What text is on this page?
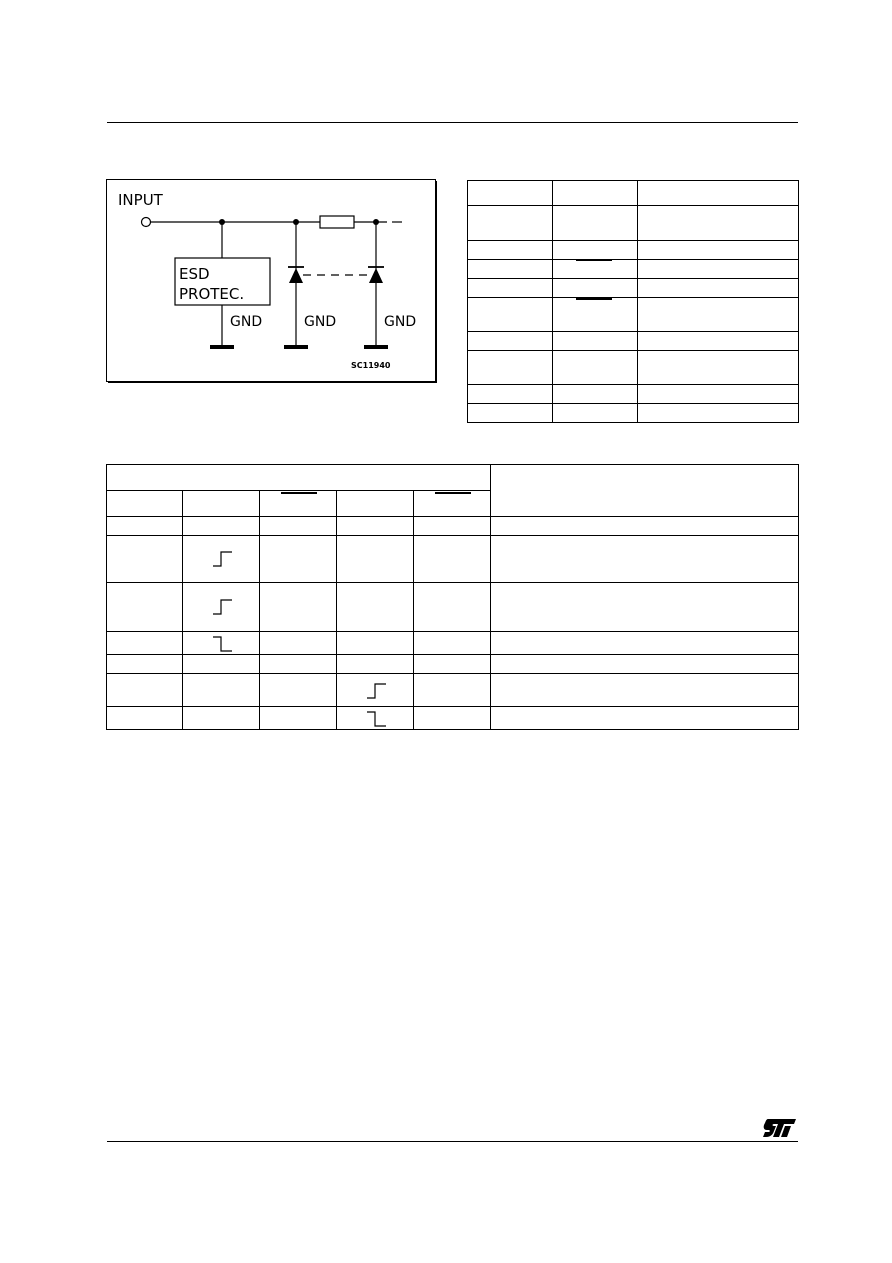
INPUT
ESD
PROTEC.
GND	GND	GND
SC11940
